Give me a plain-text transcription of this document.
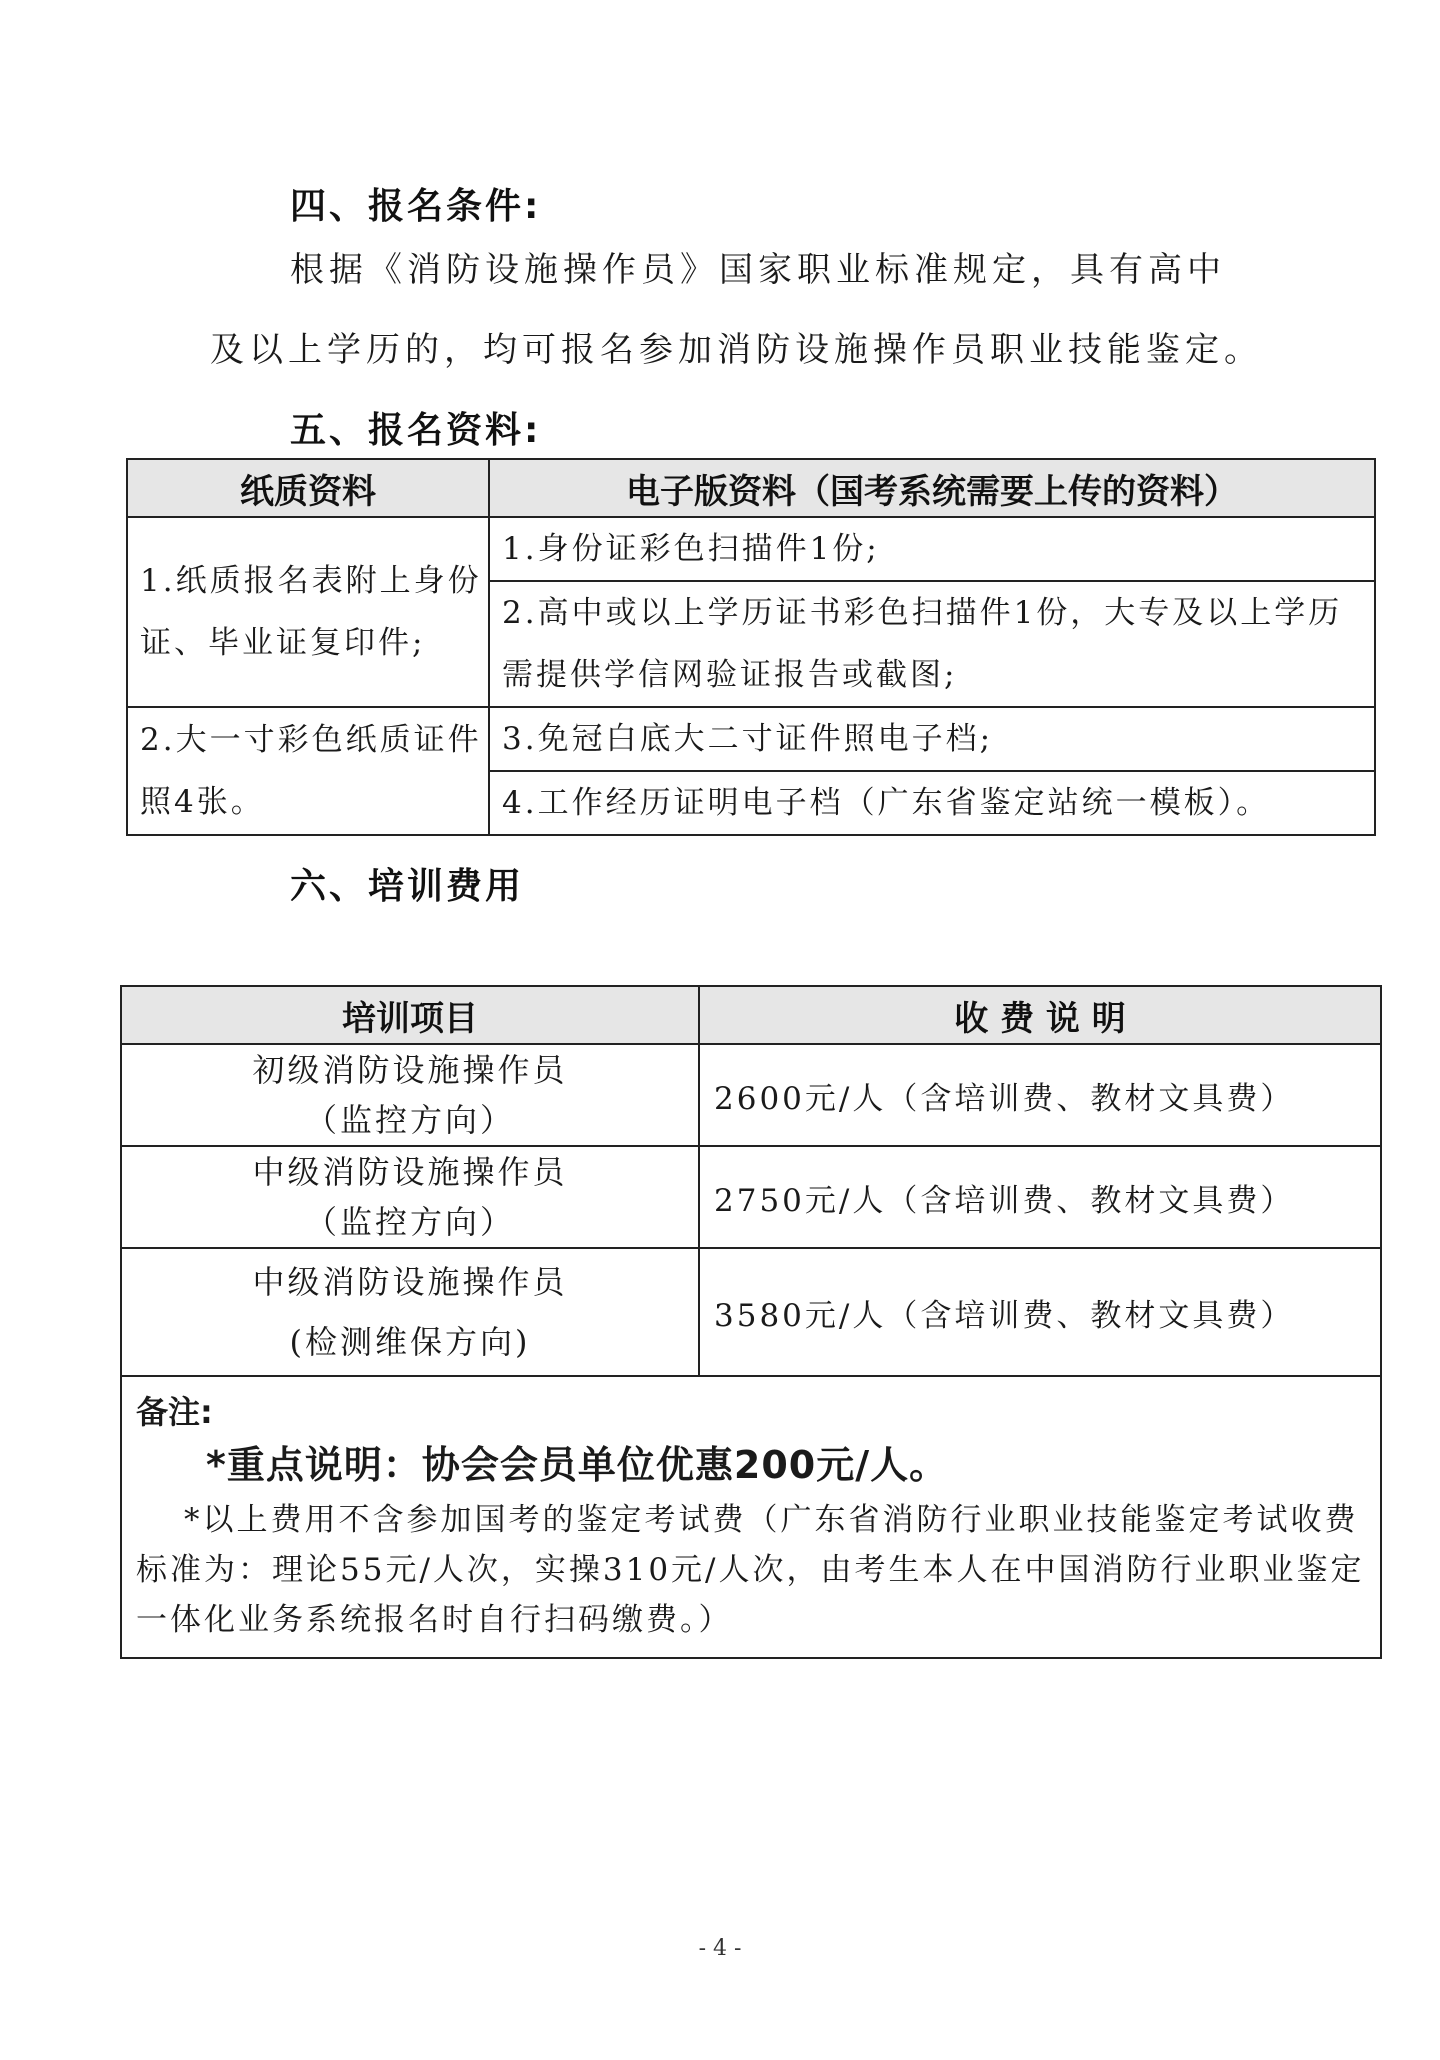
四、报名条件:
根据《消防设施操作员》国家职业标准规定，具有高中
及以上学历的，均可报名参加消防设施操作员职业技能鉴定。
五、报名资料:
纸质资料	电子版资料（国考系统需要上传的资料）
1.纸质报名表附上身份证、毕业证复印件;	1.身份证彩色扫描件1份;
	2.高中或以上学历证书彩色扫描件1份，大专及以上学历需提供学信网验证报告或截图;
2.大一寸彩色纸质证件照4张。	3.免冠白底大二寸证件照电子档;
	4.工作经历证明电子档（广东省鉴定站统一模板）。
六、培训费用
培训项目	收 费 说 明

初级消防设施操作员
（监控方向）	2600元/人（含培训费、教材文具费）

中级消防设施操作员
（监控方向）	2750元/人（含培训费、教材文具费）

中级消防设施操作员
(检测维保方向)	3580元/人（含培训费、教材文具费）

备注:
*重点说明：协会会员单位优惠200元/人。
*以上费用不含参加国考的鉴定考试费（广东省消防行业职业技能鉴定考试收费标准为：理论55元/人次，实操310元/人次，由考生本人在中国消防行业职业鉴定一体化业务系统报名时自行扫码缴费。）	
- 4 -
